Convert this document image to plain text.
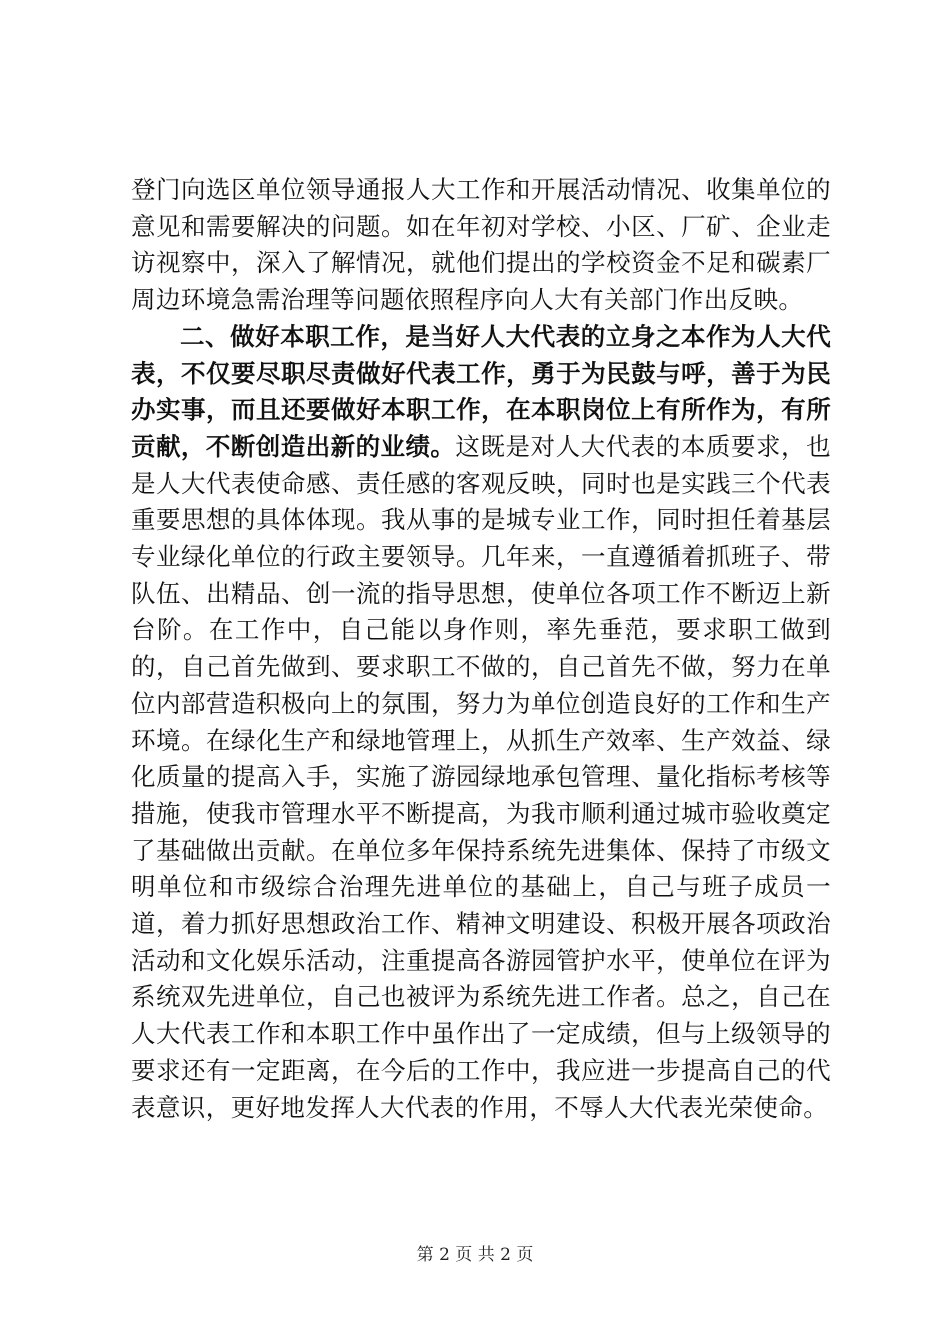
登门向选区单位领导通报人大工作和开展活动情况、收集单位的意见和需要解决的问题。如在年初对学校、小区、厂矿、企业走访视察中，深入了解情况，就他们提出的学校资金不足和碳素厂周边环境急需治理等问题依照程序向人大有关部门作出反映。

二、做好本职工作，是当好人大代表的立身之本作为人大代表，不仅要尽职尽责做好代表工作，勇于为民鼓与呼，善于为民办实事，而且还要做好本职工作，在本职岗位上有所作为，有所贡献，不断创造出新的业绩。这既是对人大代表的本质要求，也是人大代表使命感、责任感的客观反映，同时也是实践三个代表重要思想的具体体现。我从事的是城专业工作，同时担任着基层专业绿化单位的行政主要领导。几年来，一直遵循着抓班子、带队伍、出精品、创一流的指导思想，使单位各项工作不断迈上新台阶。在工作中，自己能以身作则，率先垂范，要求职工做到的，自己首先做到、要求职工不做的，自己首先不做，努力在单位内部营造积极向上的氛围，努力为单位创造良好的工作和生产环境。在绿化生产和绿地管理上，从抓生产效率、生产效益、绿化质量的提高入手，实施了游园绿地承包管理、量化指标考核等措施，使我市管理水平不断提高，为我市顺利通过城市验收奠定了基础做出贡献。在单位多年保持系统先进集体、保持了市级文明单位和市级综合治理先进单位的基础上，自己与班子成员一道，着力抓好思想政治工作、精神文明建设、积极开展各项政治活动和文化娱乐活动，注重提高各游园管护水平，使单位在评为系统双先进单位，自己也被评为系统先进工作者。总之，自己在人大代表工作和本职工作中虽作出了一定成绩，但与上级领导的要求还有一定距离，在今后的工作中，我应进一步提高自己的代表意识，更好地发挥人大代表的作用，不辱人大代表光荣使命。

第 2 页 共 2 页
